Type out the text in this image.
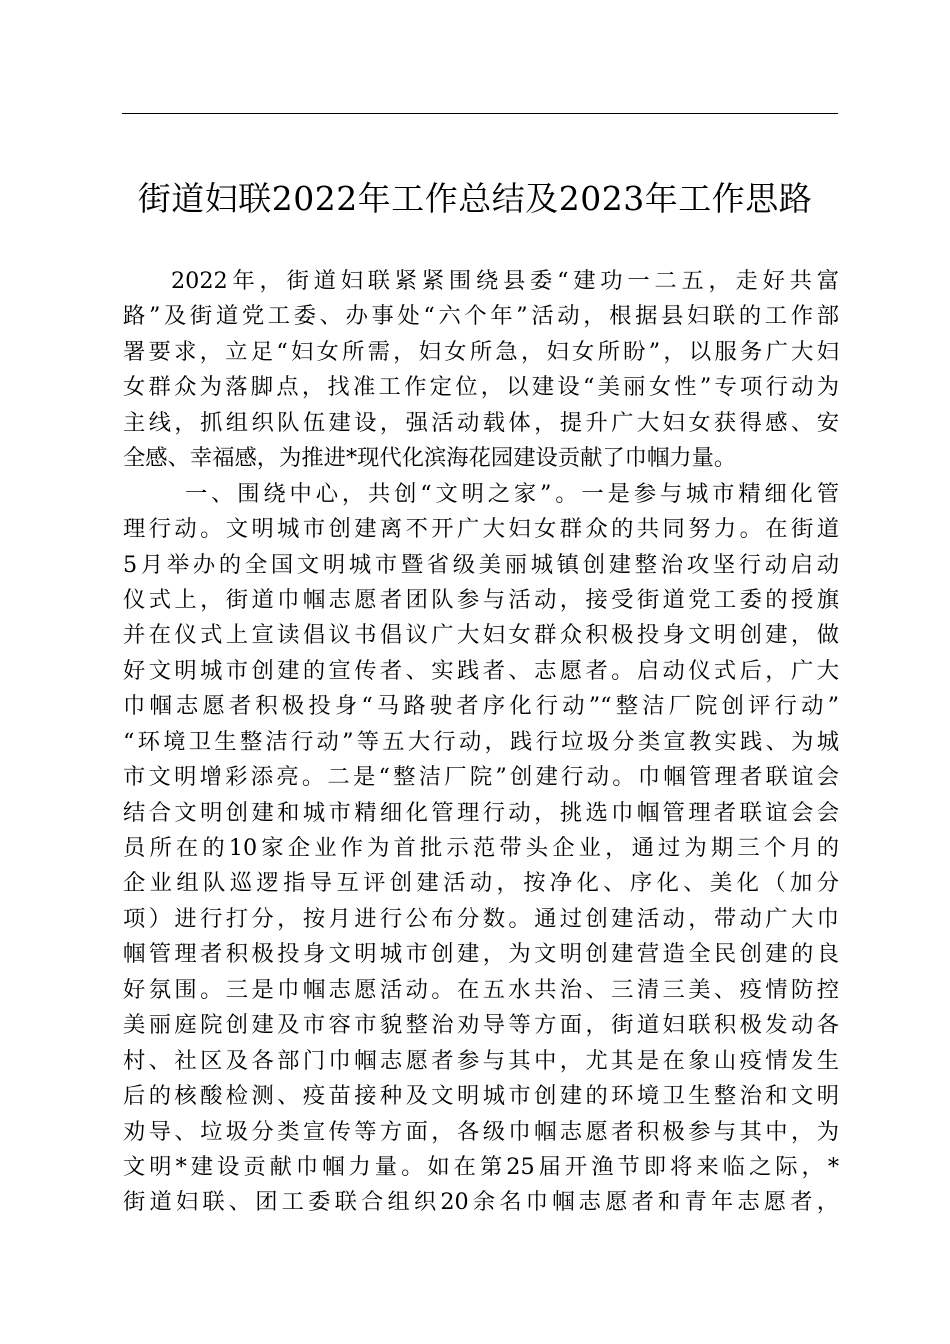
街道妇联2022年工作总结及2023年工作思路
2022年，街道妇联紧紧围绕县委“建功一二五，走好共富
路”及街道党工委、办事处“六个年”活动，根据县妇联的工作部
署要求，立足“妇女所需，妇女所急，妇女所盼”，以服务广大妇
女群众为落脚点，找准工作定位，以建设“美丽女性”专项行动为
主线，抓组织队伍建设，强活动载体，提升广大妇女获得感、安
全感、幸福感，为推进*现代化滨海花园建设贡献了巾帼力量。
一、围绕中心，共创“文明之家”。一是参与城市精细化管
理行动。文明城市创建离不开广大妇女群众的共同努力。在街道
5月举办的全国文明城市暨省级美丽城镇创建整治攻坚行动启动
仪式上，街道巾帼志愿者团队参与活动，接受街道党工委的授旗
并在仪式上宣读倡议书倡议广大妇女群众积极投身文明创建，做
好文明城市创建的宣传者、实践者、志愿者。启动仪式后，广大
巾帼志愿者积极投身“马路驶者序化行动”“整洁厂院创评行动”
“环境卫生整洁行动”等五大行动，践行垃圾分类宣教实践、为城
市文明增彩添亮。二是“整洁厂院”创建行动。巾帼管理者联谊会
结合文明创建和城市精细化管理行动，挑选巾帼管理者联谊会会
员所在的10家企业作为首批示范带头企业，通过为期三个月的
企业组队巡逻指导互评创建活动，按净化、序化、美化（加分
项）进行打分，按月进行公布分数。通过创建活动，带动广大巾
帼管理者积极投身文明城市创建，为文明创建营造全民创建的良
好氛围。三是巾帼志愿活动。在五水共治、三清三美、疫情防控
美丽庭院创建及市容市貌整治劝导等方面，街道妇联积极发动各
村、社区及各部门巾帼志愿者参与其中，尤其是在象山疫情发生
后的核酸检测、疫苗接种及文明城市创建的环境卫生整治和文明
劝导、垃圾分类宣传等方面，各级巾帼志愿者积极参与其中，为
文明*建设贡献巾帼力量。如在第25届开渔节即将来临之际，*
街道妇联、团工委联合组织20余名巾帼志愿者和青年志愿者，
